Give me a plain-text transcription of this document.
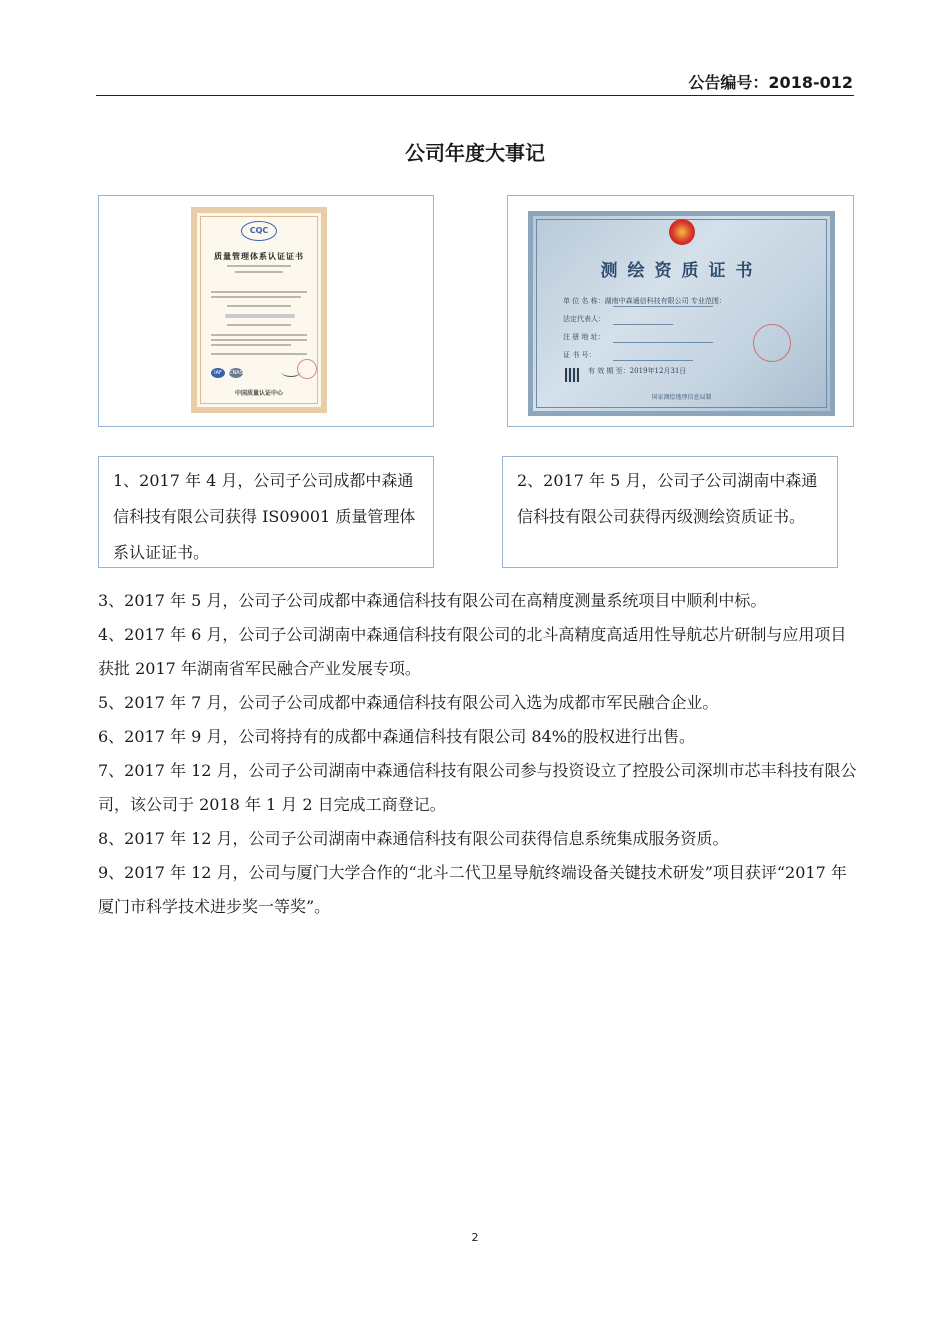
公告编号：2018-012
公司年度大事记
CQC
质量管理体系认证证书
IAF	CNAS
中国质量认证中心
测绘资质证书
单 位 名 称：湖南中森通信科技有限公司 专业范围：
法定代表人：
注 册 地 址：
证 书 号：
有 效 期 至：2019年12月31日
国家测绘地理信息局制
1、2017 年 4 月，公司子公司成都中森通信科技有限公司获得 IS09001 质量管理体系认证证书。
2、2017 年 5 月，公司子公司湖南中森通信科技有限公司获得丙级测绘资质证书。
3、2017 年 5 月，公司子公司成都中森通信科技有限公司在高精度测量系统项目中顺利中标。
4、2017 年 6 月，公司子公司湖南中森通信科技有限公司的北斗高精度高适用性导航芯片研制与应用项目获批 2017 年湖南省军民融合产业发展专项。
5、2017 年 7 月，公司子公司成都中森通信科技有限公司入选为成都市军民融合企业。
6、2017 年 9 月，公司将持有的成都中森通信科技有限公司 84%的股权进行出售。
7、2017 年 12 月，公司子公司湖南中森通信科技有限公司参与投资设立了控股公司深圳市芯丰科技有限公司，该公司于 2018 年 1 月 2 日完成工商登记。
8、2017 年 12 月，公司子公司湖南中森通信科技有限公司获得信息系统集成服务资质。
9、2017 年 12 月，公司与厦门大学合作的“北斗二代卫星导航终端设备关键技术研发”项目获评“2017 年厦门市科学技术进步奖一等奖”。
2
